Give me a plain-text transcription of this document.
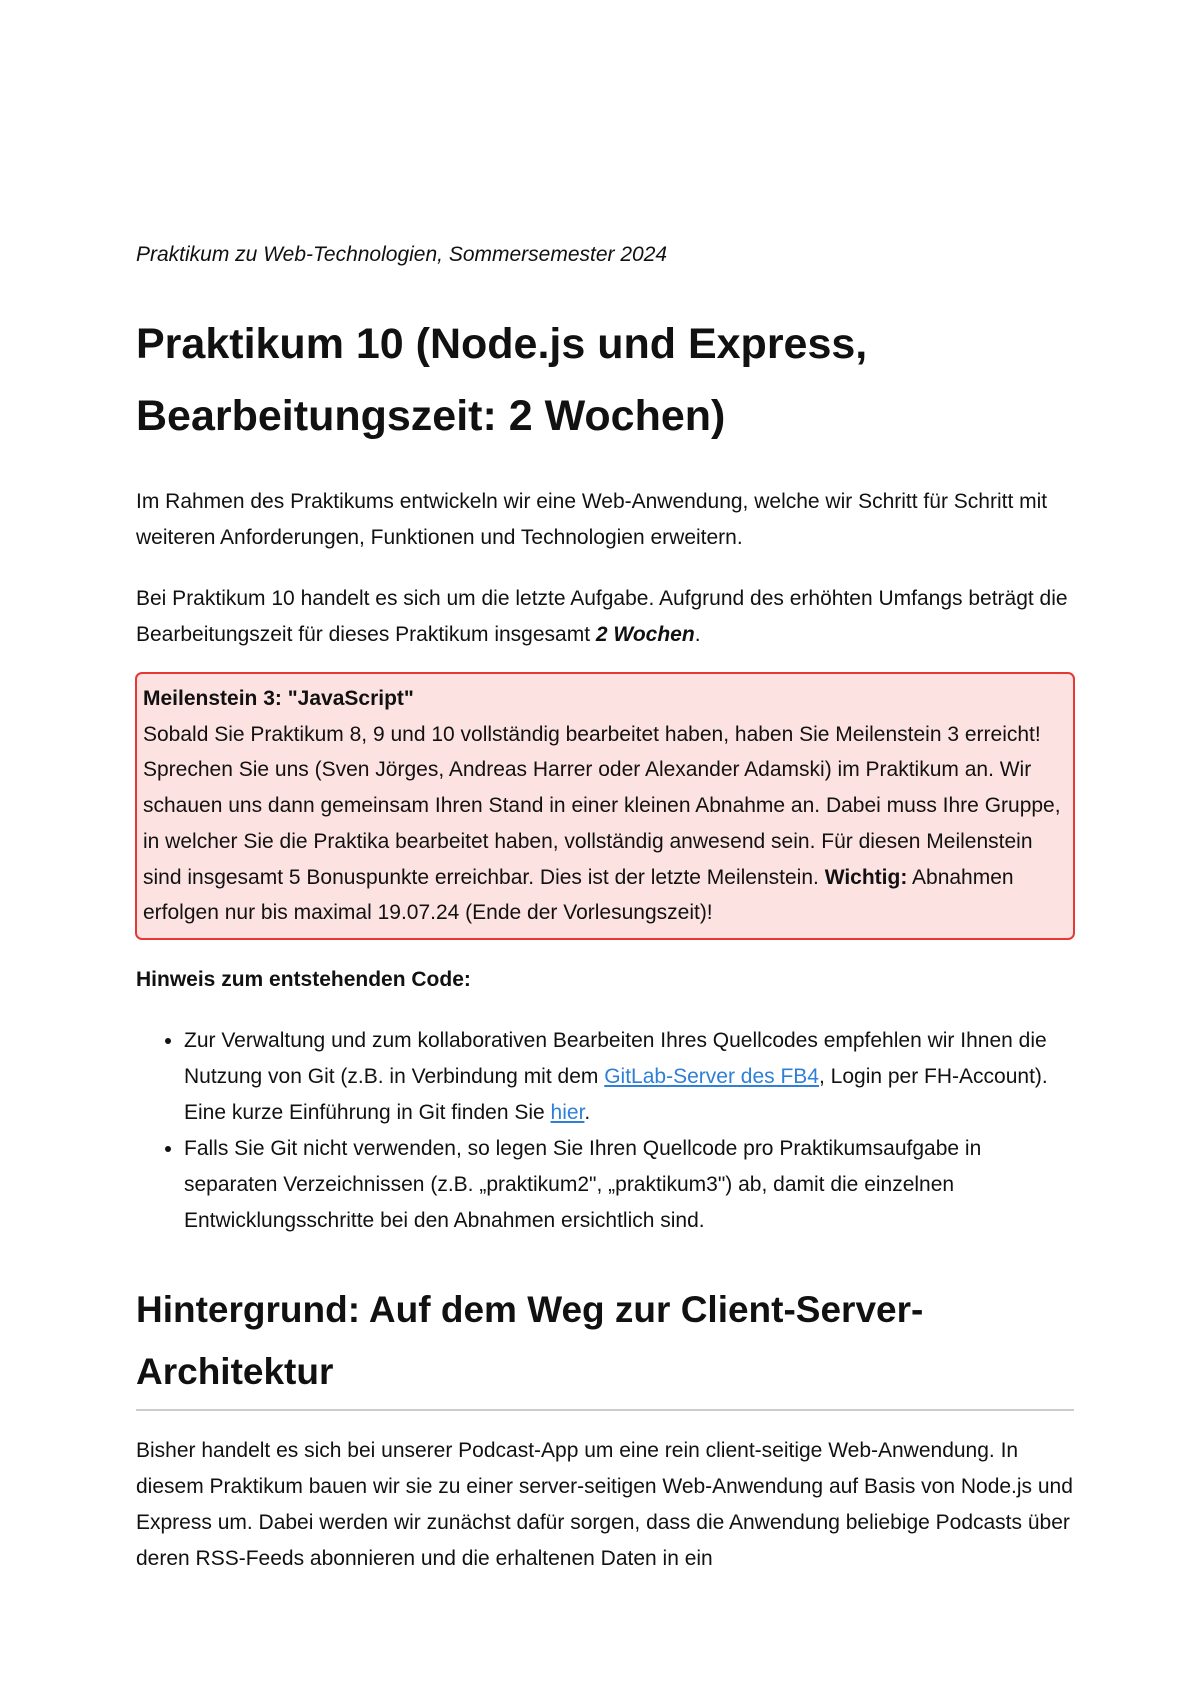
Praktikum zu Web-Technologien, Sommersemester 2024

Praktikum 10 (Node.js und Express, Bearbeitungszeit: 2 Wochen)

Im Rahmen des Praktikums entwickeln wir eine Web-Anwendung, welche wir Schritt für Schritt mit weiteren Anforderungen, Funktionen und Technologien erweitern.

Bei Praktikum 10 handelt es sich um die letzte Aufgabe. Aufgrund des erhöhten Umfangs beträgt die Bearbeitungszeit für dieses Praktikum insgesamt 2 Wochen.

Meilenstein 3: "JavaScript"

Sobald Sie Praktikum 8, 9 und 10 vollständig bearbeitet haben, haben Sie Meilenstein 3 erreicht! Sprechen Sie uns (Sven Jörges, Andreas Harrer oder Alexander Adamski) im Praktikum an. Wir schauen uns dann gemeinsam Ihren Stand in einer kleinen Abnahme an. Dabei muss Ihre Gruppe, in welcher Sie die Praktika bearbeitet haben, vollständig anwesend sein. Für diesen Meilenstein sind insgesamt 5 Bonuspunkte erreichbar. Dies ist der letzte Meilenstein. Wichtig: Abnahmen erfolgen nur bis maximal 19.07.24 (Ende der Vorlesungszeit)!

Hinweis zum entstehenden Code:

• Zur Verwaltung und zum kollaborativen Bearbeiten Ihres Quellcodes empfehlen wir Ihnen die Nutzung von Git (z.B. in Verbindung mit dem GitLab-Server des FB4, Login per FH-Account). Eine kurze Einführung in Git finden Sie hier.
• Falls Sie Git nicht verwenden, so legen Sie Ihren Quellcode pro Praktikumsaufgabe in separaten Verzeichnissen (z.B. „praktikum2", „praktikum3") ab, damit die einzelnen Entwicklungsschritte bei den Abnahmen ersichtlich sind.
Hintergrund: Auf dem Weg zur Client-Server-Architektur

Bisher handelt es sich bei unserer Podcast-App um eine rein client-seitige Web-Anwendung. In diesem Praktikum bauen wir sie zu einer server-seitigen Web-Anwendung auf Basis von Node.js und Express um. Dabei werden wir zunächst dafür sorgen, dass die Anwendung beliebige Podcasts über deren RSS-Feeds abonnieren und die erhaltenen Daten in ein
